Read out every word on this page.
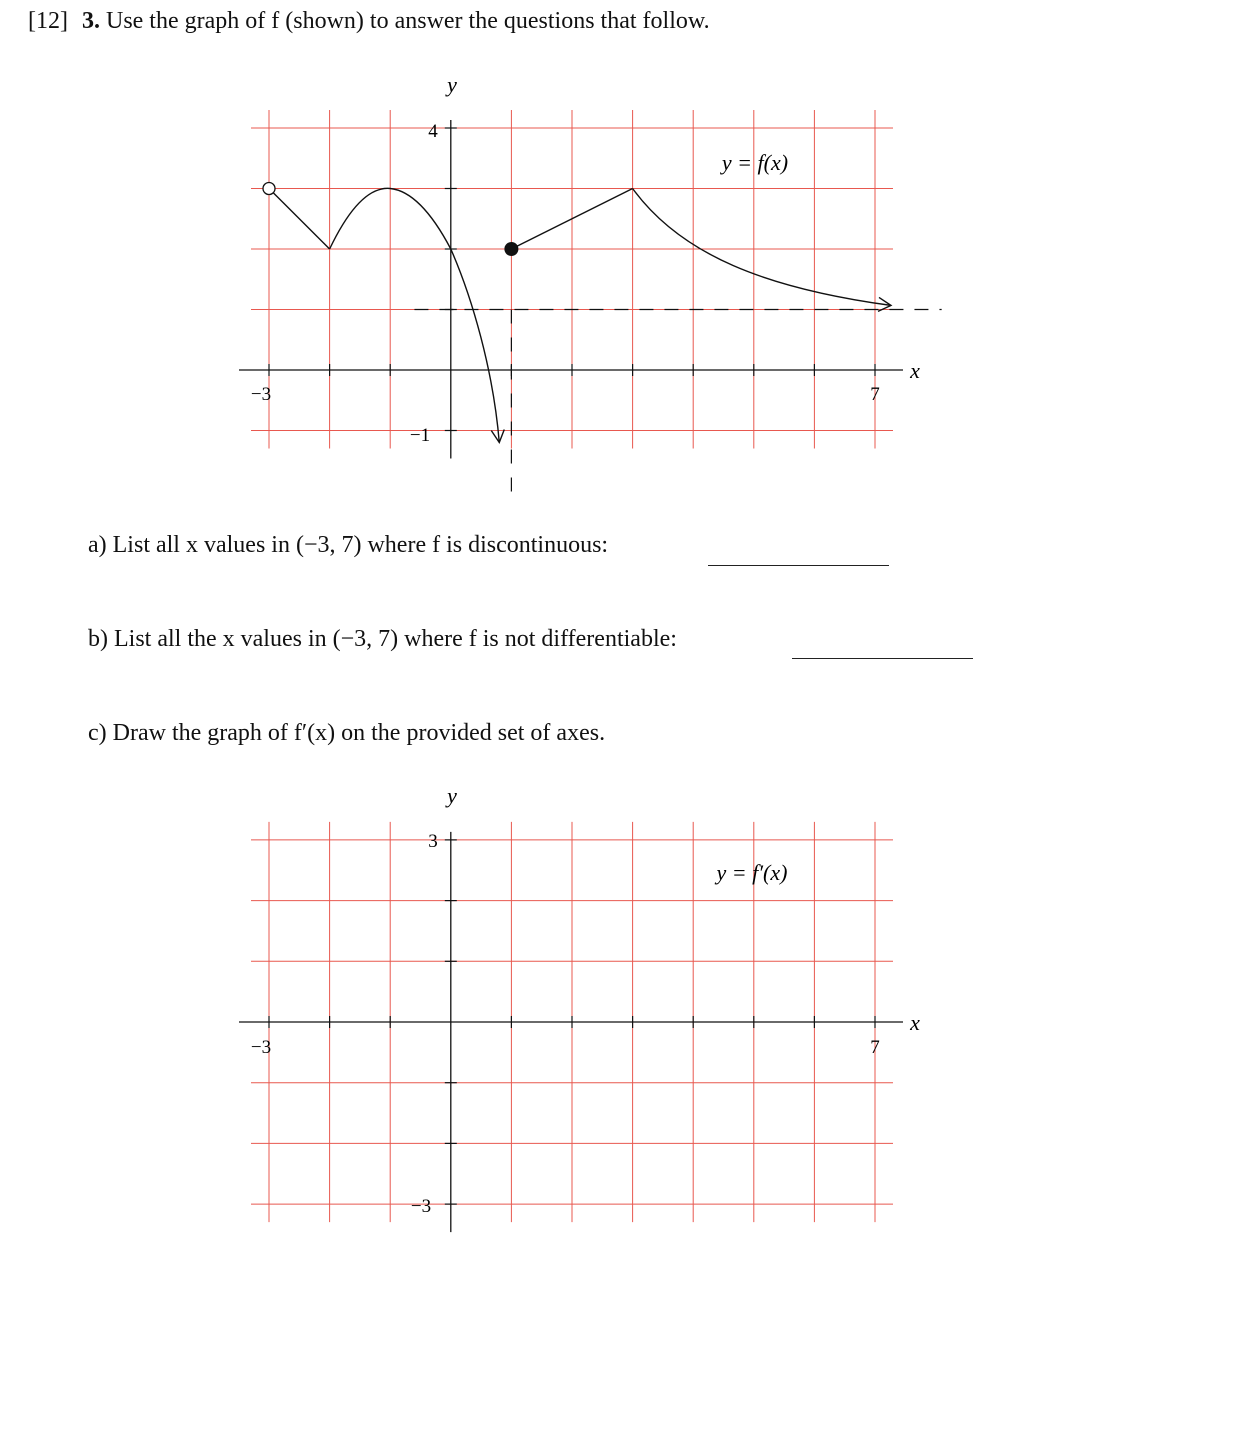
[12] 3. Use the graph of f (shown) to answer the questions that follow.
y
x
y = f(x)
4
−1
−3	7
a) List all x values in (−3, 7) where f is discontinuous:
b) List all the x values in (−3, 7) where f is not differentiable:
c) Draw the graph of f′(x) on the provided set of axes.
y
x
y = f′(x)
3
−3
−3	7
